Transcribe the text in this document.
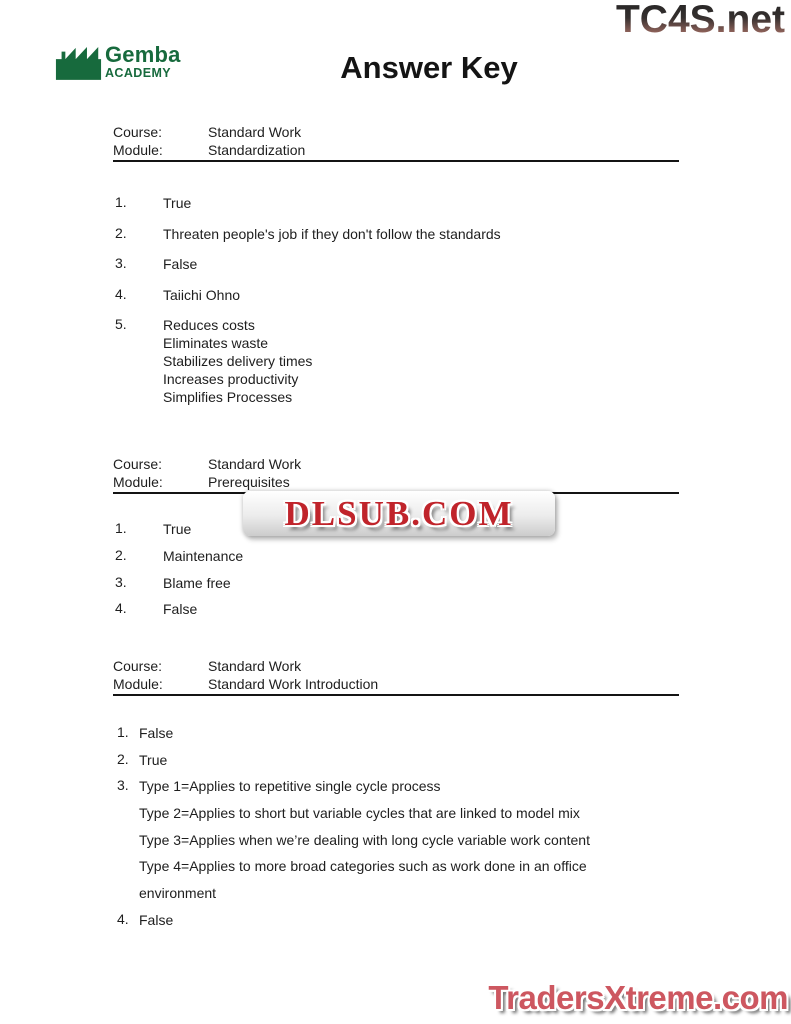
TC4S.net
Gemba
ACADEMY	Answer Key
Course:	Standard Work
Module:	Standardization
1.	True
2.	Threaten people's job if they don't follow the standards
3.	False
4.	Taiichi Ohno
5.	Reduces costs
Eliminates waste
Stabilizes delivery times
Increases productivity
Simplifies Processes
Course:	Standard Work
Module:	Prerequisites
DLSUB.COM
1.	True
2.	Maintenance
3.	Blame free
4.	False
Course:	Standard Work
Module:	Standard Work Introduction
1. False
2. True
3. Type 1=Applies to repetitive single cycle process
Type 2=Applies to short but variable cycles that are linked to model mix
Type 3=Applies when we’re dealing with long cycle variable work content
Type 4=Applies to more broad categories such as work done in an office
environment
4. False
TradersXtreme.com
